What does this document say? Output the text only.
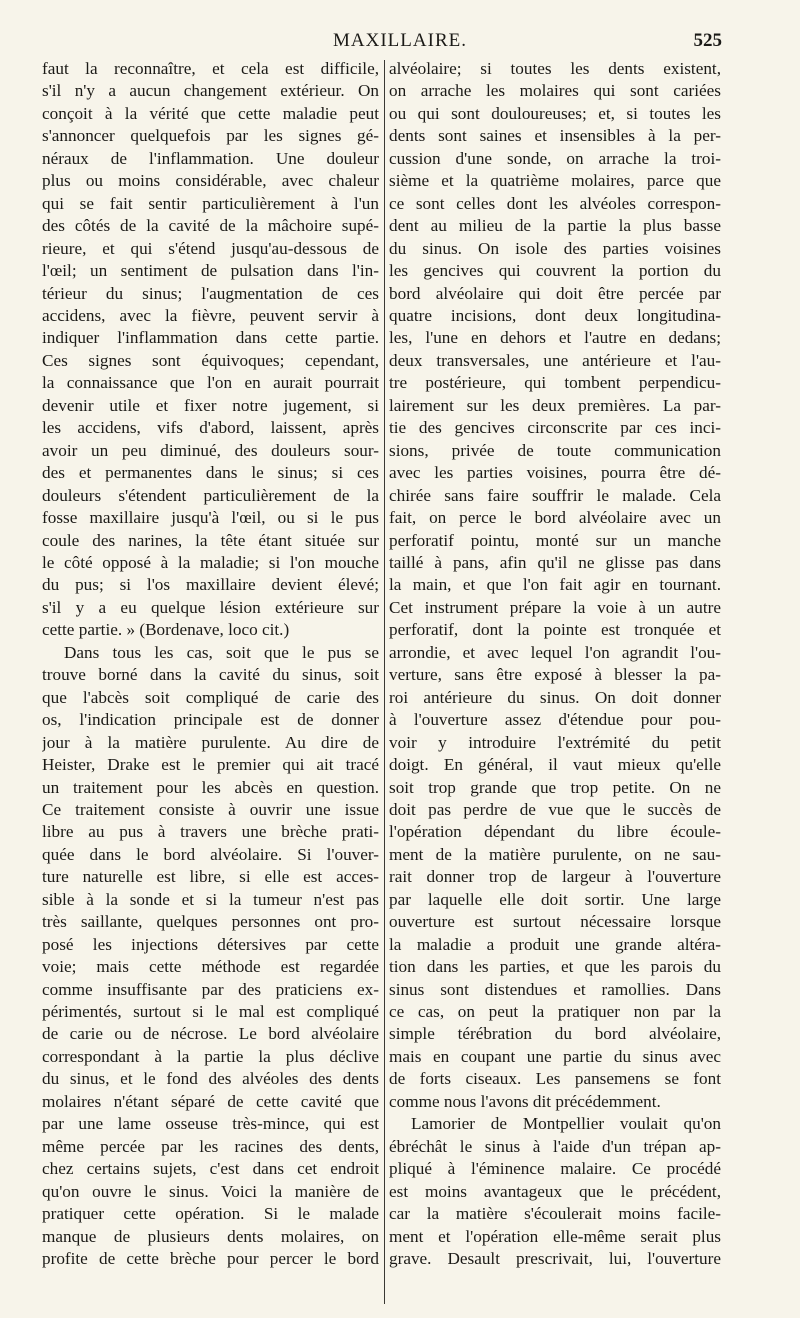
MAXILLAIRE.	525
faut la reconnaître, et cela est difficile,
s'il n'y a aucun changement extérieur. On
conçoit à la vérité que cette maladie peut
s'annoncer quelquefois par les signes gé-
néraux de l'inflammation. Une douleur
plus ou moins considérable, avec chaleur
qui se fait sentir particulièrement à l'un
des côtés de la cavité de la mâchoire supé-
rieure, et qui s'étend jusqu'au-dessous de
l'œil; un sentiment de pulsation dans l'in-
térieur du sinus; l'augmentation de ces
accidens, avec la fièvre, peuvent servir à
indiquer l'inflammation dans cette partie.
Ces signes sont équivoques; cependant,
la connaissance que l'on en aurait pourrait
devenir utile et fixer notre jugement, si
les accidens, vifs d'abord, laissent, après
avoir un peu diminué, des douleurs sour-
des et permanentes dans le sinus; si ces
douleurs s'étendent particulièrement de la
fosse maxillaire jusqu'à l'œil, ou si le pus
coule des narines, la tête étant située sur
le côté opposé à la maladie; si l'on mouche
du pus; si l'os maxillaire devient élevé;
s'il y a eu quelque lésion extérieure sur
cette partie. » (Bordenave, loco cit.)
Dans tous les cas, soit que le pus se
trouve borné dans la cavité du sinus, soit
que l'abcès soit compliqué de carie des
os, l'indication principale est de donner
jour à la matière purulente. Au dire de
Heister, Drake est le premier qui ait tracé
un traitement pour les abcès en question.
Ce traitement consiste à ouvrir une issue
libre au pus à travers une brèche prati-
quée dans le bord alvéolaire. Si l'ouver-
ture naturelle est libre, si elle est acces-
sible à la sonde et si la tumeur n'est pas
très saillante, quelques personnes ont pro-
posé les injections détersives par cette
voie; mais cette méthode est regardée
comme insuffisante par des praticiens ex-
périmentés, surtout si le mal est compliqué
de carie ou de nécrose. Le bord alvéolaire
correspondant à la partie la plus déclive
du sinus, et le fond des alvéoles des dents
molaires n'étant séparé de cette cavité que
par une lame osseuse très-mince, qui est
même percée par les racines des dents,
chez certains sujets, c'est dans cet endroit
qu'on ouvre le sinus. Voici la manière de
pratiquer cette opération. Si le malade
manque de plusieurs dents molaires, on
profite de cette brèche pour percer le bord
alvéolaire; si toutes les dents existent,
on arrache les molaires qui sont cariées
ou qui sont douloureuses; et, si toutes les
dents sont saines et insensibles à la per-
cussion d'une sonde, on arrache la troi-
sième et la quatrième molaires, parce que
ce sont celles dont les alvéoles correspon-
dent au milieu de la partie la plus basse
du sinus. On isole des parties voisines
les gencives qui couvrent la portion du
bord alvéolaire qui doit être percée par
quatre incisions, dont deux longitudina-
les, l'une en dehors et l'autre en dedans;
deux transversales, une antérieure et l'au-
tre postérieure, qui tombent perpendicu-
lairement sur les deux premières. La par-
tie des gencives circonscrite par ces inci-
sions, privée de toute communication
avec les parties voisines, pourra être dé-
chirée sans faire souffrir le malade. Cela
fait, on perce le bord alvéolaire avec un
perforatif pointu, monté sur un manche
taillé à pans, afin qu'il ne glisse pas dans
la main, et que l'on fait agir en tournant.
Cet instrument prépare la voie à un autre
perforatif, dont la pointe est tronquée et
arrondie, et avec lequel l'on agrandit l'ou-
verture, sans être exposé à blesser la pa-
roi antérieure du sinus. On doit donner
à l'ouverture assez d'étendue pour pou-
voir y introduire l'extrémité du petit
doigt. En général, il vaut mieux qu'elle
soit trop grande que trop petite. On ne
doit pas perdre de vue que le succès de
l'opération dépendant du libre écoule-
ment de la matière purulente, on ne sau-
rait donner trop de largeur à l'ouverture
par laquelle elle doit sortir. Une large
ouverture est surtout nécessaire lorsque
la maladie a produit une grande altéra-
tion dans les parties, et que les parois du
sinus sont distendues et ramollies. Dans
ce cas, on peut la pratiquer non par la
simple térébration du bord alvéolaire,
mais en coupant une partie du sinus avec
de forts ciseaux. Les pansemens se font
comme nous l'avons dit précédemment.
Lamorier de Montpellier voulait qu'on
ébréchât le sinus à l'aide d'un trépan ap-
pliqué à l'éminence malaire. Ce procédé
est moins avantageux que le précédent,
car la matière s'écoulerait moins facile-
ment et l'opération elle-même serait plus
grave. Desault prescrivait, lui, l'ouverture
